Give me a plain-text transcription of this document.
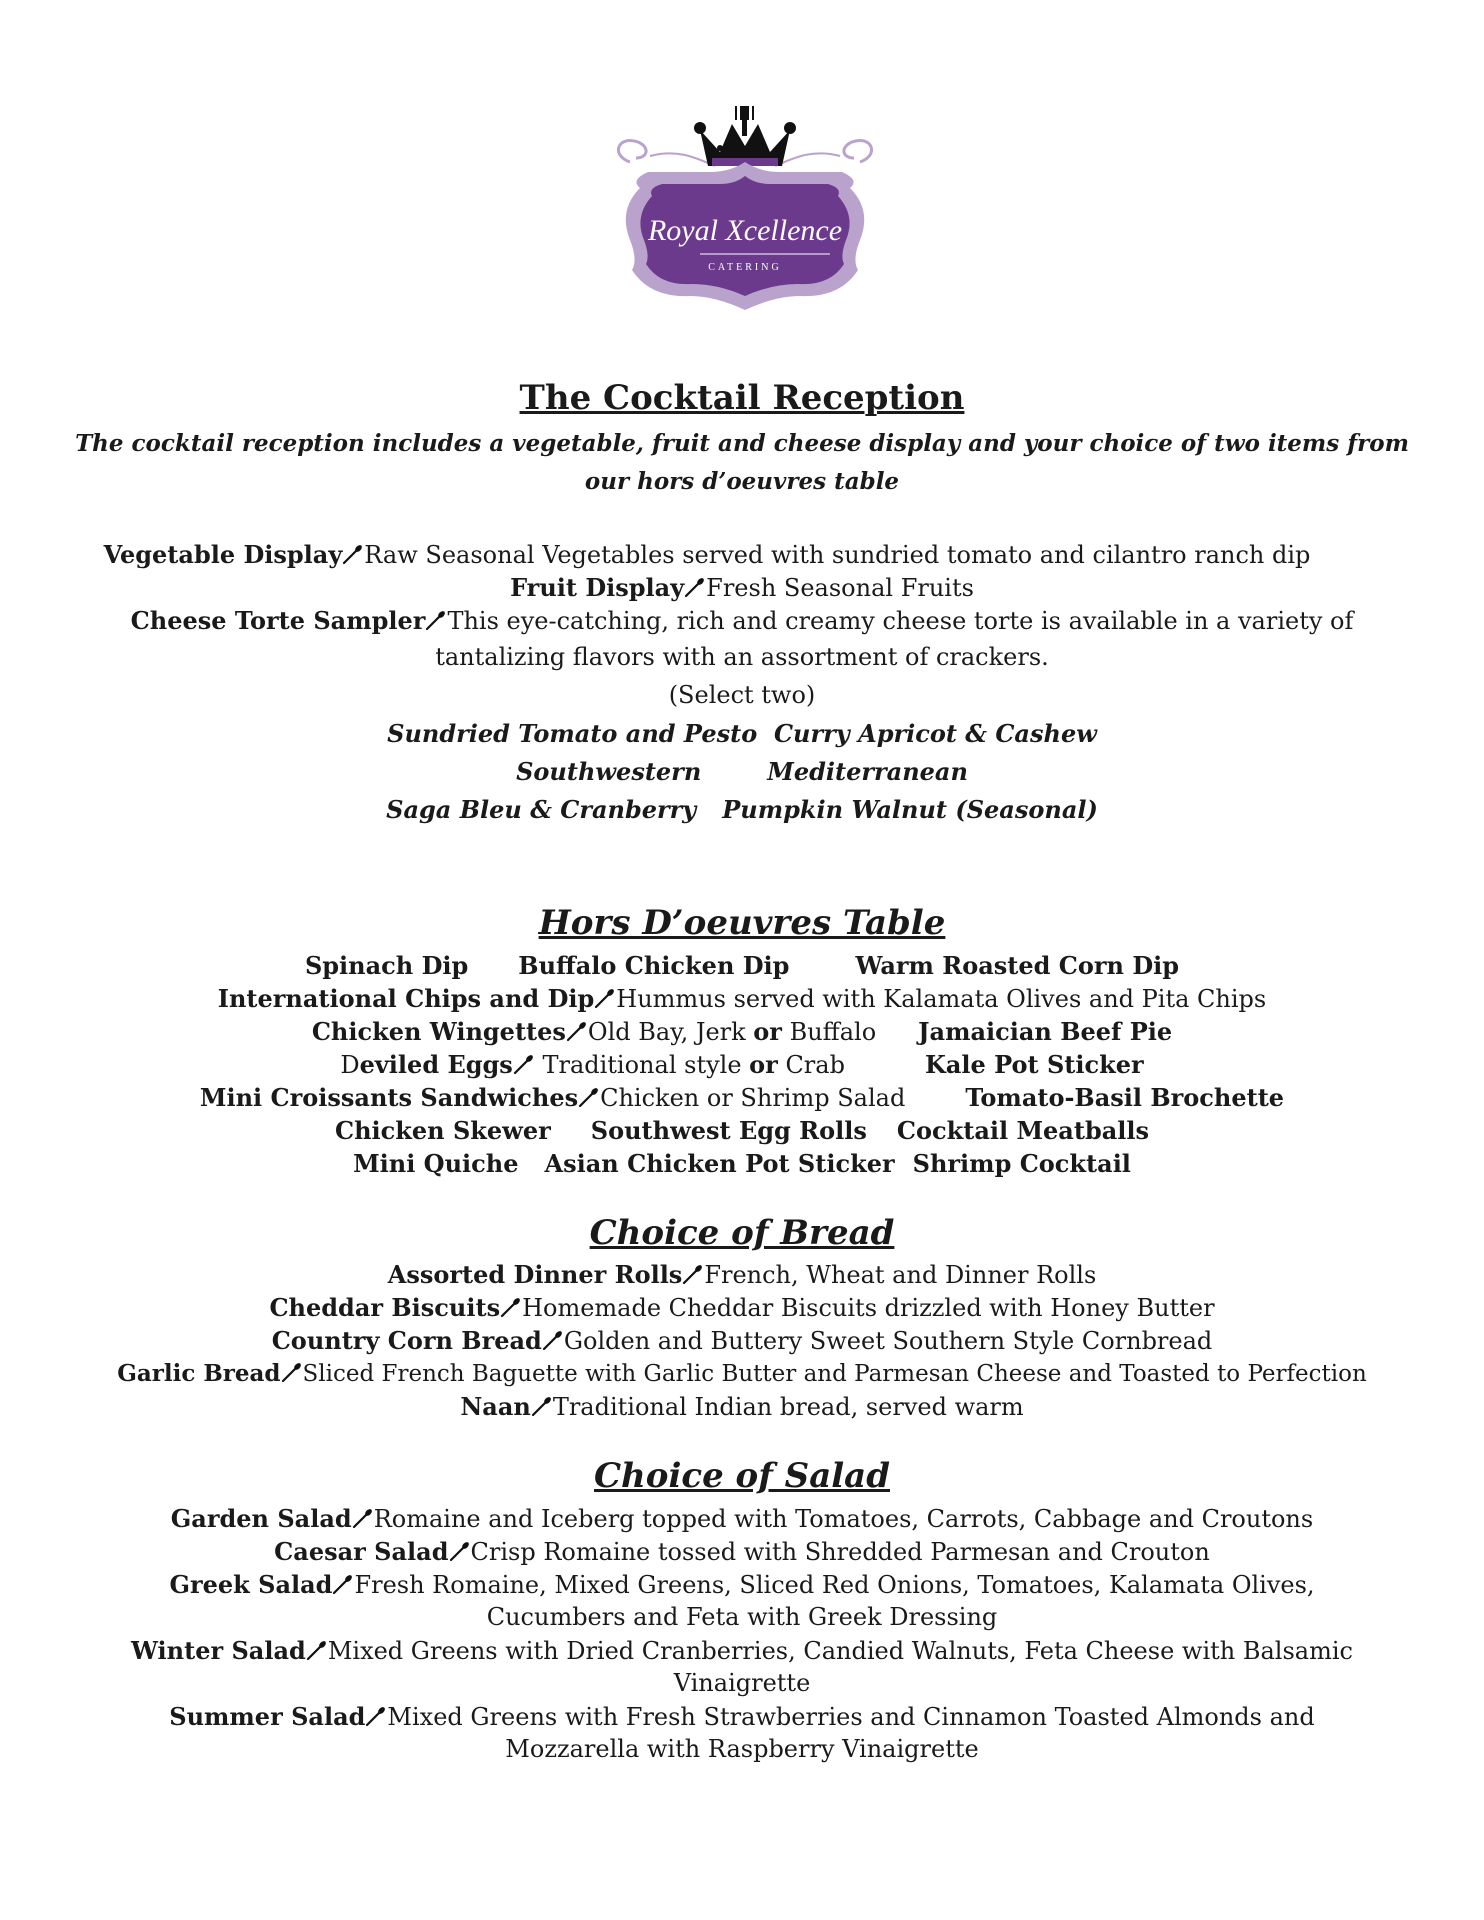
Royal Xcellence
CATERING
The Cocktail Reception
The cocktail reception includes a vegetable, fruit and cheese display and your choice of two items from
our hors d’oeuvres table
Vegetable Display Raw Seasonal Vegetables served with sundried tomato and cilantro ranch dip
Fruit Display Fresh Seasonal Fruits
Cheese Torte Sampler This eye-catching, rich and creamy cheese torte is available in a variety of
tantalizing flavors with an assortment of crackers.
(Select two)
Sundried Tomato and Pesto Curry Apricot & Cashew
Southwestern	Mediterranean
Saga Bleu & Cranberry Pumpkin Walnut (Seasonal)
Hors D’oeuvres Table
Spinach Dip Buffalo Chicken Dip	Warm Roasted Corn Dip
International Chips and Dip Hummus served with Kalamata Olives and Pita Chips
Chicken Wingettes Old Bay, Jerk or Buffalo Jamaician Beef Pie
Deviled Eggs Traditional style or Crab	Kale Pot Sticker
Mini Croissants Sandwiches Chicken or Shrimp Salad	Tomato-Basil Brochette
Chicken Skewer Southwest Egg Rolls Cocktail Meatballs
Mini Quiche Asian Chicken Pot Sticker Shrimp Cocktail
Choice of Bread
Assorted Dinner Rolls French, Wheat and Dinner Rolls
Cheddar Biscuits Homemade Cheddar Biscuits drizzled with Honey Butter
Country Corn Bread Golden and Buttery Sweet Southern Style Cornbread
Garlic Bread Sliced French Baguette with Garlic Butter and Parmesan Cheese and Toasted to Perfection
Naan Traditional Indian bread, served warm
Choice of Salad
Garden Salad Romaine and Iceberg topped with Tomatoes, Carrots, Cabbage and Croutons
Caesar Salad Crisp Romaine tossed with Shredded Parmesan and Crouton
Greek Salad Fresh Romaine, Mixed Greens, Sliced Red Onions, Tomatoes, Kalamata Olives,
Cucumbers and Feta with Greek Dressing
Winter Salad Mixed Greens with Dried Cranberries, Candied Walnuts, Feta Cheese with Balsamic
Vinaigrette
Summer Salad Mixed Greens with Fresh Strawberries and Cinnamon Toasted Almonds and
Mozzarella with Raspberry Vinaigrette
